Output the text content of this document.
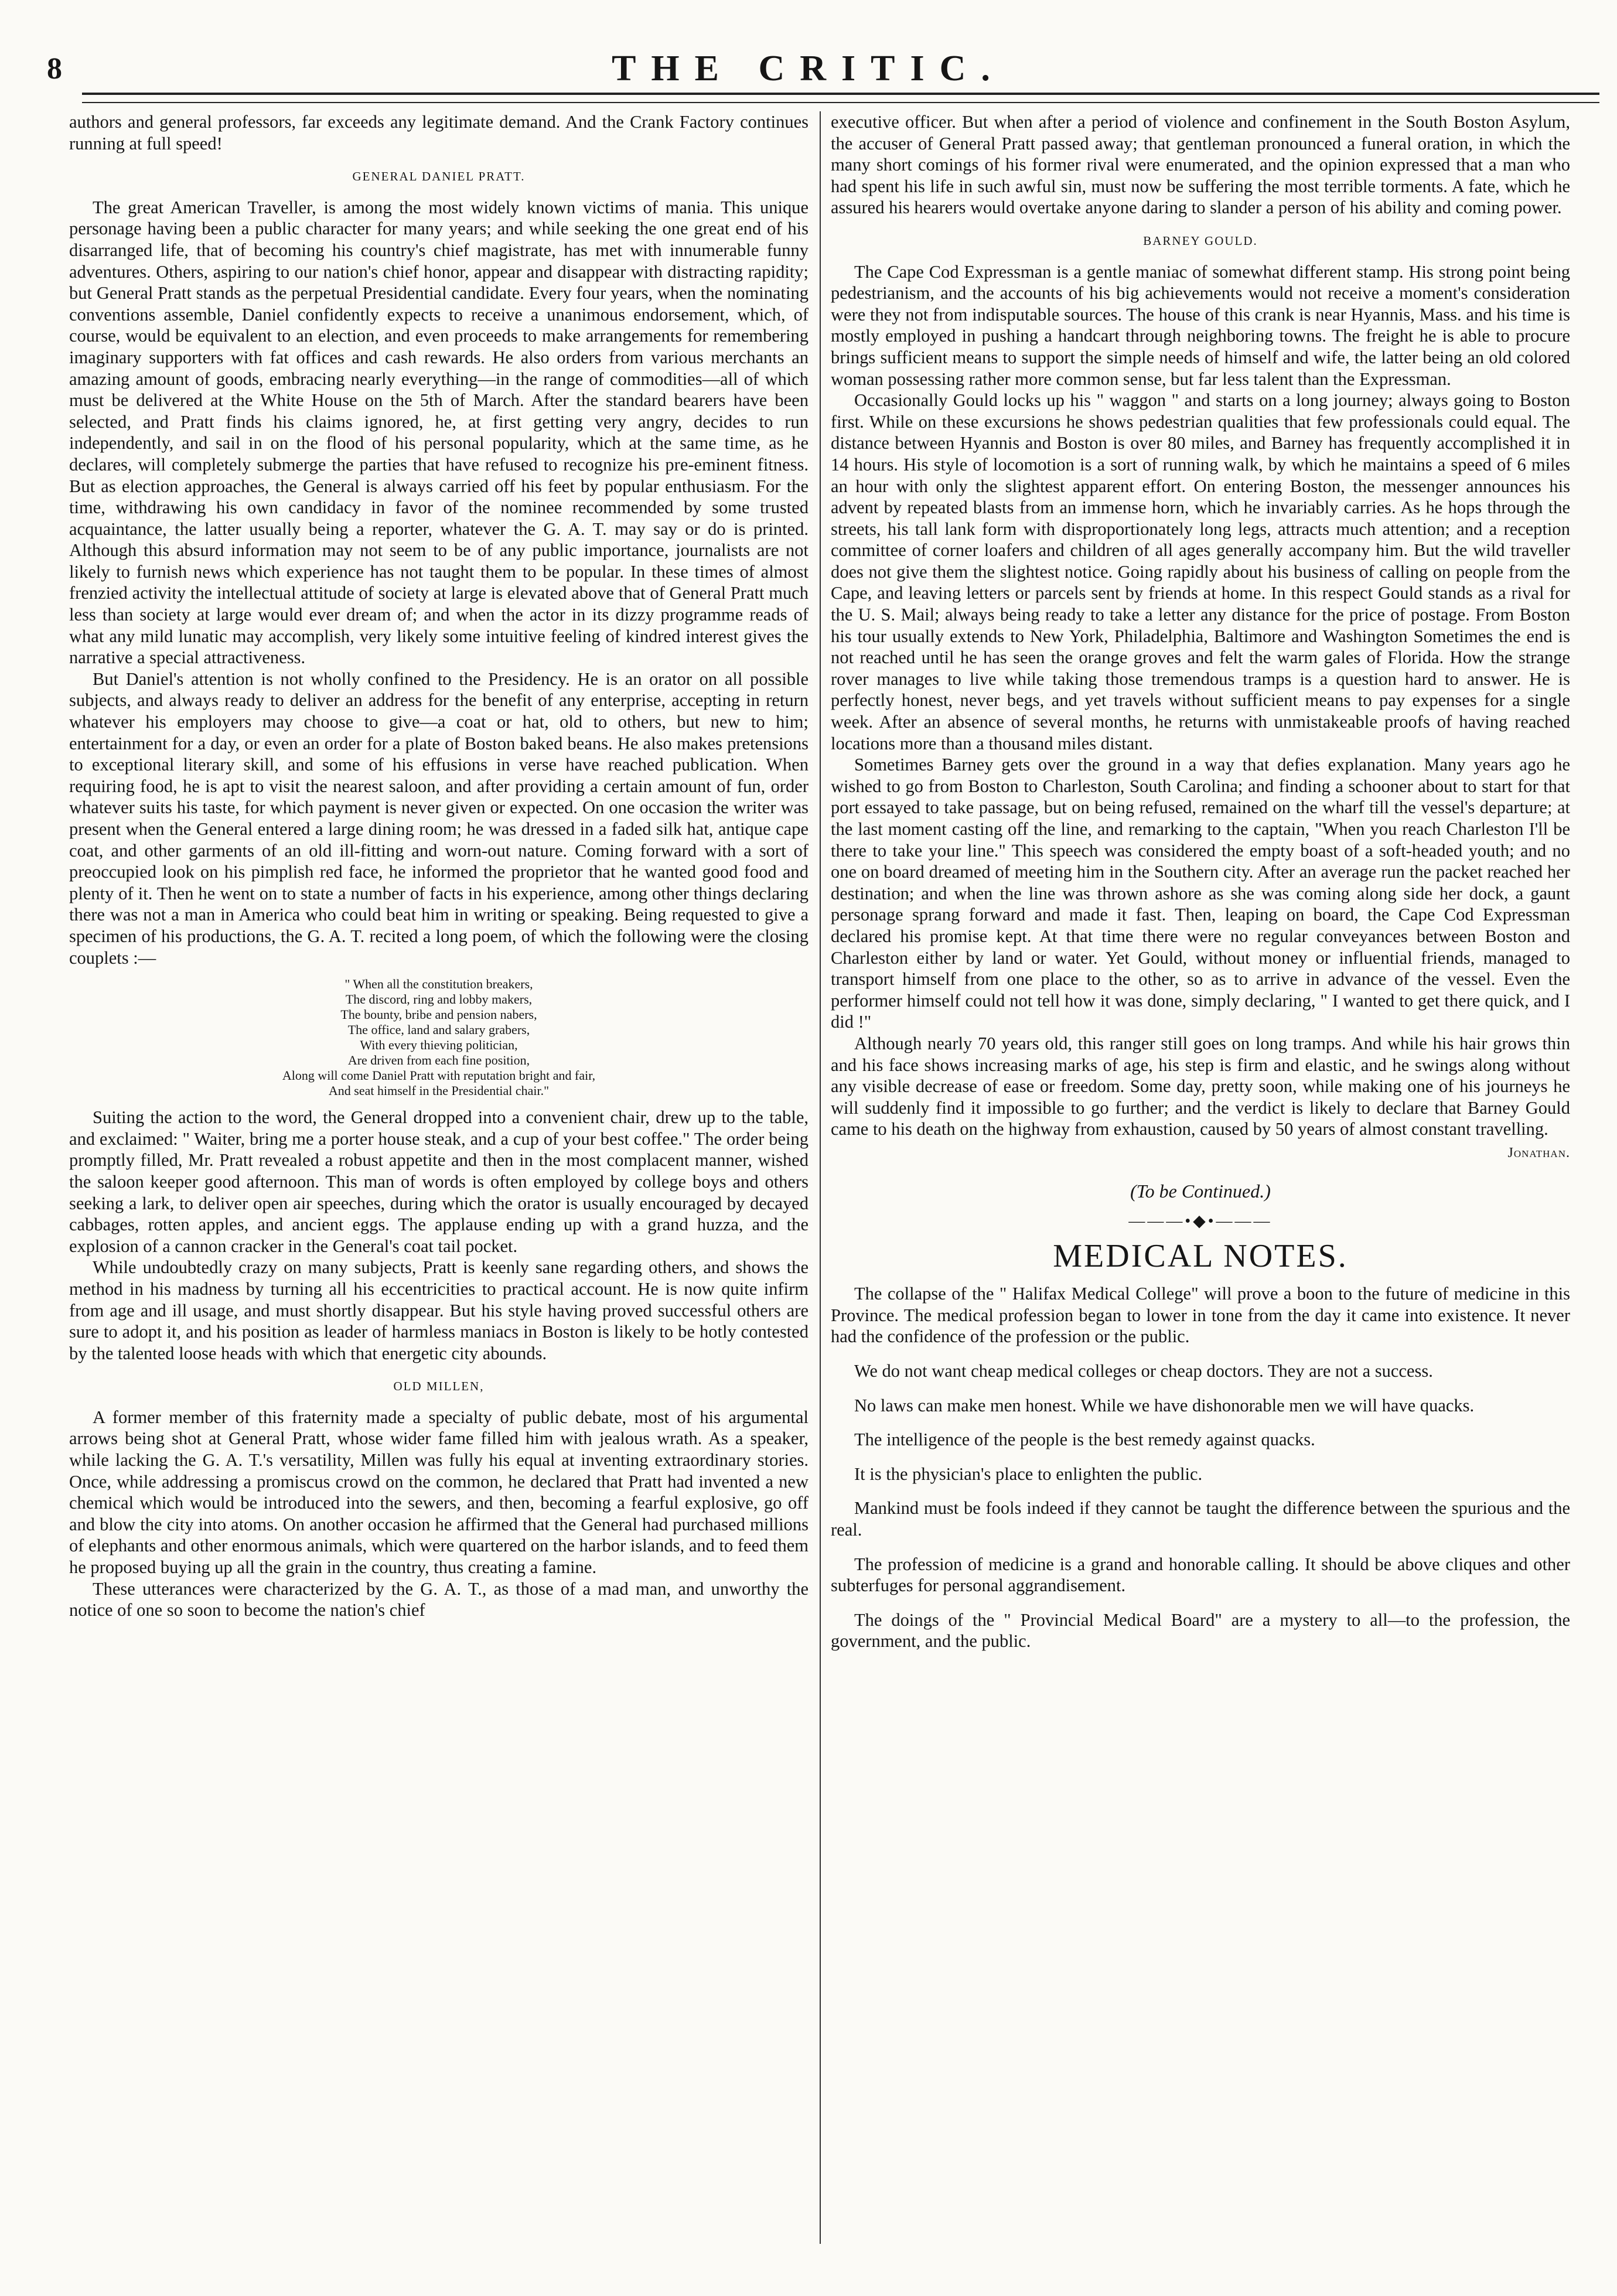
8	THE CRITIC.

authors and general professors, far exceeds any legitimate demand. And the Crank Factory continues running at full speed!

GENERAL DANIEL PRATT.

The great American Traveller, is among the most widely known victims of mania. This unique personage having been a public character for many years; and while seeking the one great end of his disarranged life, that of becoming his country's chief magistrate, has met with innumerable funny adventures. Others, aspiring to our nation's chief honor, appear and disappear with distracting rapidity; but General Pratt stands as the perpetual Presidential candidate. Every four years, when the nominating conventions assemble, Daniel confidently expects to receive a unanimous endorsement, which, of course, would be equivalent to an election, and even proceeds to make arrangements for remembering imaginary supporters with fat offices and cash rewards. He also orders from various merchants an amazing amount of goods, embracing nearly everything—in the range of commodities—all of which must be delivered at the White House on the 5th of March. After the standard bearers have been selected, and Pratt finds his claims ignored, he, at first getting very angry, decides to run independently, and sail in on the flood of his personal popularity, which at the same time, as he declares, will completely submerge the parties that have refused to recognize his pre-eminent fitness. But as election approaches, the General is always carried off his feet by popular enthusiasm. For the time, withdrawing his own candidacy in favor of the nominee recommended by some trusted acquaintance, the latter usually being a reporter, whatever the G. A. T. may say or do is printed. Although this absurd information may not seem to be of any public importance, journalists are not likely to furnish news which experience has not taught them to be popular. In these times of almost frenzied activity the intellectual attitude of society at large is elevated above that of General Pratt much less than society at large would ever dream of; and when the actor in its dizzy programme reads of what any mild lunatic may accomplish, very likely some intuitive feeling of kindred interest gives the narrative a special attractiveness.

But Daniel's attention is not wholly confined to the Presidency. He is an orator on all possible subjects, and always ready to deliver an address for the benefit of any enterprise, accepting in return whatever his employers may choose to give—a coat or hat, old to others, but new to him; entertainment for a day, or even an order for a plate of Boston baked beans. He also makes pretensions to exceptional literary skill, and some of his effusions in verse have reached publication. When requiring food, he is apt to visit the nearest saloon, and after providing a certain amount of fun, order whatever suits his taste, for which payment is never given or expected. On one occasion the writer was present when the General entered a large dining room; he was dressed in a faded silk hat, antique cape coat, and other garments of an old ill-fitting and worn-out nature. Coming forward with a sort of preoccupied look on his pimplish red face, he informed the proprietor that he wanted good food and plenty of it. Then he went on to state a number of facts in his experience, among other things declaring there was not a man in America who could beat him in writing or speaking. Being requested to give a specimen of his productions, the G. A. T. recited a long poem, of which the following were the closing couplets :—

" When all the constitution breakers,
The discord, ring and lobby makers,
The bounty, bribe and pension nabers,
The office, land and salary grabers,
With every thieving politician,
Are driven from each fine position,
Along will come Daniel Pratt with reputation bright and fair,
And seat himself in the Presidential chair."

Suiting the action to the word, the General dropped into a convenient chair, drew up to the table, and exclaimed: " Waiter, bring me a porter house steak, and a cup of your best coffee." The order being promptly filled, Mr. Pratt revealed a robust appetite and then in the most complacent manner, wished the saloon keeper good afternoon. This man of words is often employed by college boys and others seeking a lark, to deliver open air speeches, during which the orator is usually encouraged by decayed cabbages, rotten apples, and ancient eggs. The applause ending up with a grand huzza, and the explosion of a cannon cracker in the General's coat tail pocket.

While undoubtedly crazy on many subjects, Pratt is keenly sane regarding others, and shows the method in his madness by turning all his eccentricities to practical account. He is now quite infirm from age and ill usage, and must shortly disappear. But his style having proved successful others are sure to adopt it, and his position as leader of harmless maniacs in Boston is likely to be hotly contested by the talented loose heads with which that energetic city abounds.

OLD MILLEN,

A former member of this fraternity made a specialty of public debate, most of his argumental arrows being shot at General Pratt, whose wider fame filled him with jealous wrath. As a speaker, while lacking the G. A. T.'s versatility, Millen was fully his equal at inventing extraordinary stories. Once, while addressing a promiscus crowd on the common, he declared that Pratt had invented a new chemical which would be introduced into the sewers, and then, becoming a fearful explosive, go off and blow the city into atoms. On another occasion he affirmed that the General had purchased millions of elephants and other enormous animals, which were quartered on the harbor islands, and to feed them he proposed buying up all the grain in the country, thus creating a famine.

These utterances were characterized by the G. A. T., as those of a mad man, and unworthy the notice of one so soon to become the nation's chief

executive officer. But when after a period of violence and confinement in the South Boston Asylum, the accuser of General Pratt passed away; that gentleman pronounced a funeral oration, in which the many short comings of his former rival were enumerated, and the opinion expressed that a man who had spent his life in such awful sin, must now be suffering the most terrible torments. A fate, which he assured his hearers would overtake anyone daring to slander a person of his ability and coming power.

BARNEY GOULD.

The Cape Cod Expressman is a gentle maniac of somewhat different stamp. His strong point being pedestrianism, and the accounts of his big achievements would not receive a moment's consideration were they not from indisputable sources. The house of this crank is near Hyannis, Mass. and his time is mostly employed in pushing a handcart through neighboring towns. The freight he is able to procure brings sufficient means to support the simple needs of himself and wife, the latter being an old colored woman possessing rather more common sense, but far less talent than the Expressman.

Occasionally Gould locks up his " waggon " and starts on a long journey; always going to Boston first. While on these excursions he shows pedestrian qualities that few professionals could equal. The distance between Hyannis and Boston is over 80 miles, and Barney has frequently accomplished it in 14 hours. His style of locomotion is a sort of running walk, by which he maintains a speed of 6 miles an hour with only the slightest apparent effort. On entering Boston, the messenger announces his advent by repeated blasts from an immense horn, which he invariably carries. As he hops through the streets, his tall lank form with disproportionately long legs, attracts much attention; and a reception committee of corner loafers and children of all ages generally accompany him. But the wild traveller does not give them the slightest notice. Going rapidly about his business of calling on people from the Cape, and leaving letters or parcels sent by friends at home. In this respect Gould stands as a rival for the U. S. Mail; always being ready to take a letter any distance for the price of postage. From Boston his tour usually extends to New York, Philadelphia, Baltimore and Washington Sometimes the end is not reached until he has seen the orange groves and felt the warm gales of Florida. How the strange rover manages to live while taking those tremendous tramps is a question hard to answer. He is perfectly honest, never begs, and yet travels without sufficient means to pay expenses for a single week. After an absence of several months, he returns with unmistakeable proofs of having reached locations more than a thousand miles distant.

Sometimes Barney gets over the ground in a way that defies explanation. Many years ago he wished to go from Boston to Charleston, South Carolina; and finding a schooner about to start for that port essayed to take passage, but on being refused, remained on the wharf till the vessel's departure; at the last moment casting off the line, and remarking to the captain, "When you reach Charleston I'll be there to take your line." This speech was considered the empty boast of a soft-headed youth; and no one on board dreamed of meeting him in the Southern city. After an average run the packet reached her destination; and when the line was thrown ashore as she was coming along side her dock, a gaunt personage sprang forward and made it fast. Then, leaping on board, the Cape Cod Expressman declared his promise kept. At that time there were no regular conveyances between Boston and Charleston either by land or water. Yet Gould, without money or influential friends, managed to transport himself from one place to the other, so as to arrive in advance of the vessel. Even the performer himself could not tell how it was done, simply declaring, " I wanted to get there quick, and I did !"

Although nearly 70 years old, this ranger still goes on long tramps. And while his hair grows thin and his face shows increasing marks of age, his step is firm and elastic, and he swings along without any visible decrease of ease or freedom. Some day, pretty soon, while making one of his journeys he will suddenly find it impossible to go further; and the verdict is likely to declare that Barney Gould came to his death on the highway from exhaustion, caused by 50 years of almost constant travelling.

Jonathan.
(To be Continued.)
———•◆•———
MEDICAL NOTES.

The collapse of the " Halifax Medical College" will prove a boon to the future of medicine in this Province. The medical profession began to lower in tone from the day it came into existence. It never had the confidence of the profession or the public.

We do not want cheap medical colleges or cheap doctors. They are not a success.

No laws can make men honest. While we have dishonorable men we will have quacks.

The intelligence of the people is the best remedy against quacks.

It is the physician's place to enlighten the public.

Mankind must be fools indeed if they cannot be taught the difference between the spurious and the real.

The profession of medicine is a grand and honorable calling. It should be above cliques and other subterfuges for personal aggrandisement.

The doings of the " Provincial Medical Board" are a mystery to all—to the profession, the government, and the public.
